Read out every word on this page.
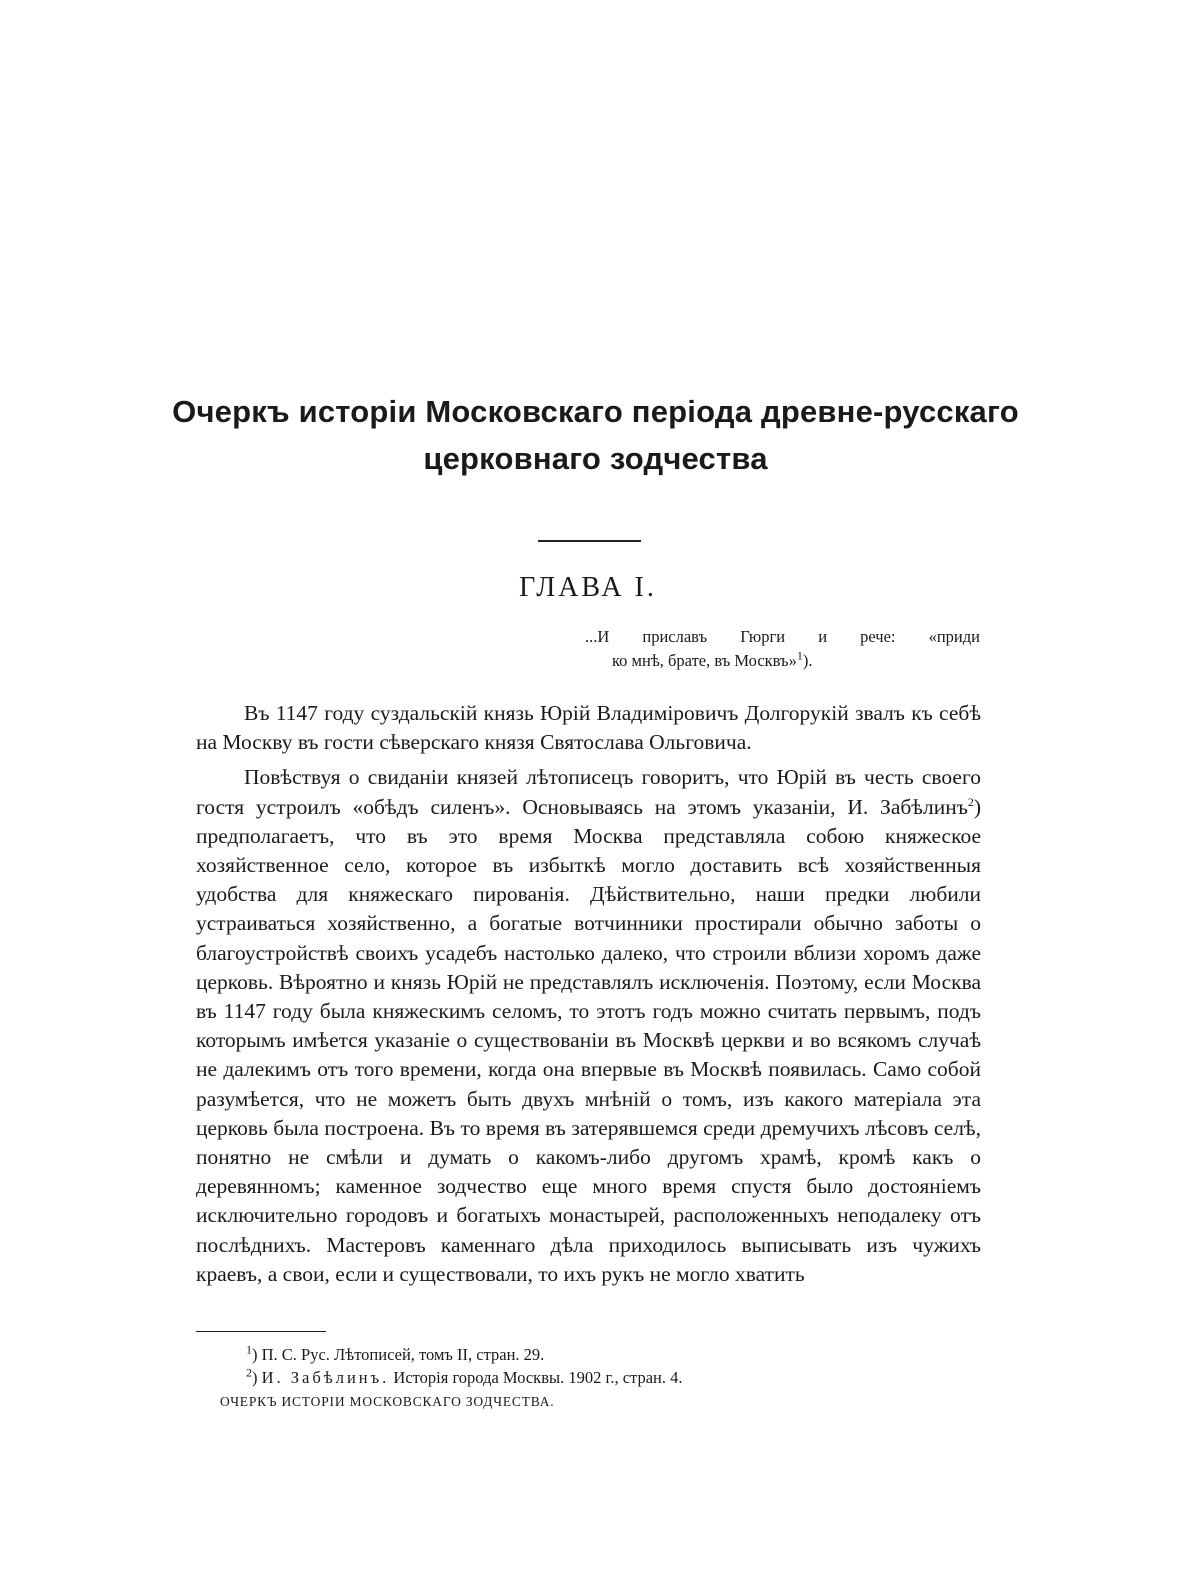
Очеркъ исторіи Московскаго періода древне-русскаго
церковнаго зодчества
ГЛАВА I.
...И приславъ Гюрги и рече: «приди
ко мнѣ, брате, въ Москвъ»$^1$).

Въ 1147 году суздальскій князь Юрій Владиміровичъ Долгорукій звалъ къ себѣ на Москву въ гости сѣверскаго князя Святослава Ольговича.

Повѣствуя о свиданіи князей лѣтописецъ говоритъ, что Юрій въ честь своего гостя устроилъ «обѣдъ силенъ». Основываясь на этомъ указаніи, И. Забѣлинъ$^2$) предполагаетъ, что въ это время Москва представляла собою княжеское хозяйственное село, которое въ избыткѣ могло доставить всѣ хозяйственныя удобства для княжескаго пированія. Дѣйствительно, наши предки любили устраиваться хозяйственно, а богатые вотчинники простирали обычно заботы о благоустройствѣ своихъ усадебъ настолько далеко, что строили вблизи хоромъ даже церковь. Вѣроятно и князь Юрій не представлялъ исключенія. Поэтому, если Москва въ 1147 году была княжескимъ селомъ, то этотъ годъ можно считать первымъ, подъ которымъ имѣется указаніе о существованіи въ Москвѣ церкви и во всякомъ случаѣ не далекимъ отъ того времени, когда она впервые въ Москвѣ появилась. Само собой разумѣется, что не можетъ быть двухъ мнѣній о томъ, изъ какого матеріала эта церковь была построена. Въ то время въ затерявшемся среди дремучихъ лѣсовъ селѣ, понятно не смѣли и думать о какомъ-либо другомъ храмѣ, кромѣ какъ о деревянномъ; каменное зодчество еще много время спустя было достояніемъ исключительно городовъ и богатыхъ монастырей, расположенныхъ неподалеку отъ послѣднихъ. Мастеровъ каменнаго дѣла приходилось выписывать изъ чужихъ краевъ, а свои, если и существовали, то ихъ рукъ не могло хватить

$^1$) П. С. Рус. Лѣтописей, томъ II, стран. 29.
$^2$) И. Забѣлинъ. Исторія города Москвы. 1902 г., стран. 4.
ОЧЕРКЪ ИСТОРІИ МОСКОВСКАГО ЗОДЧЕСТВА.
